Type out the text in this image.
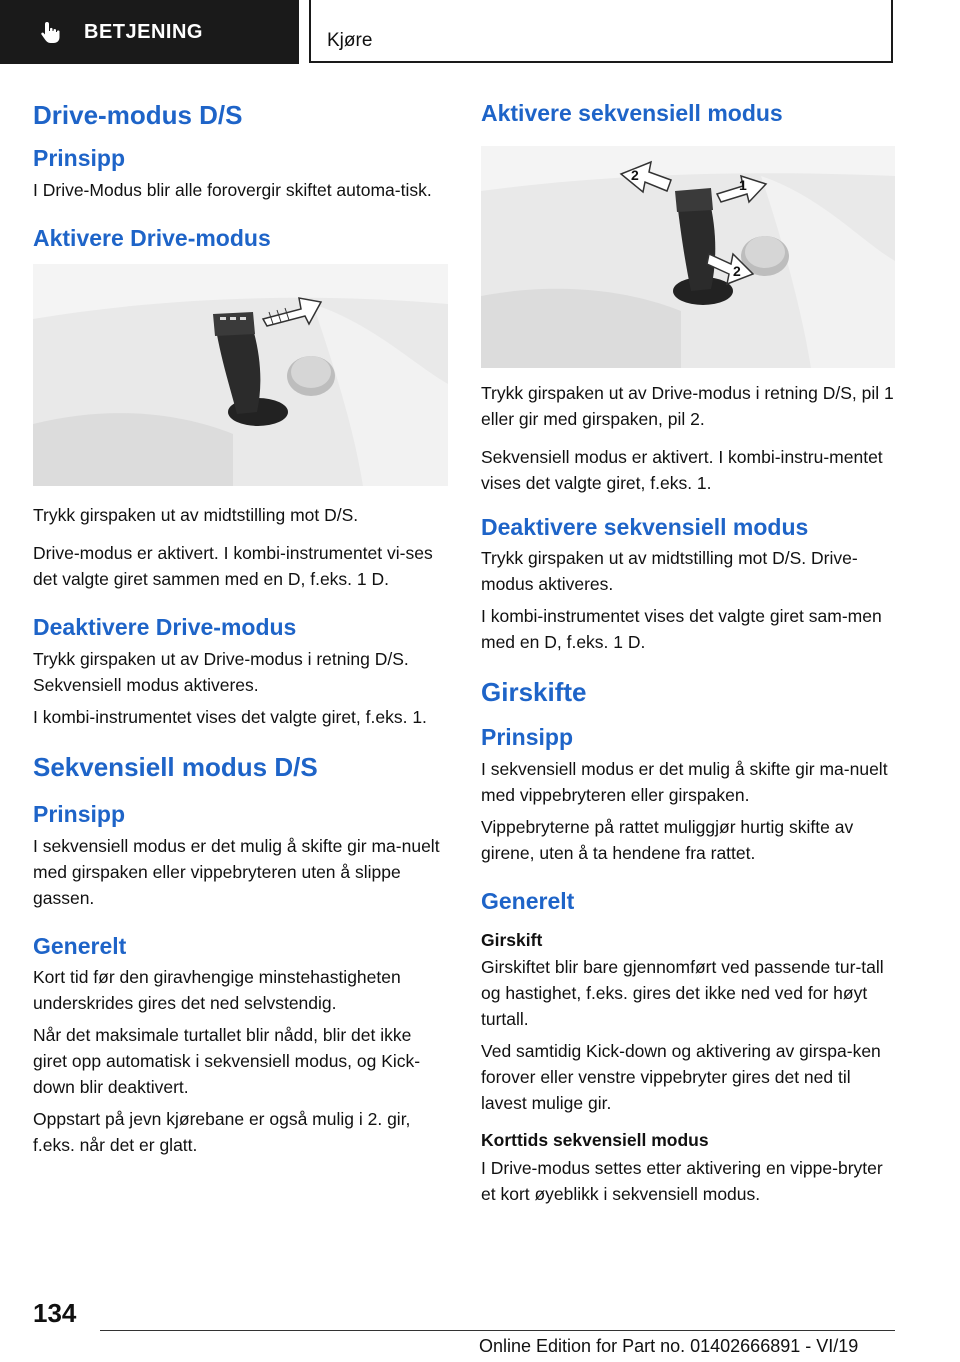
BETJENING	Kjøre
Drive-modus D/S
Prinsipp

I Drive-Modus blir alle forovergir skiftet automa-tisk.

Aktivere Drive-modus

Trykk girspaken ut av midtstilling mot D/S.

Drive-modus er aktivert. I kombi-instrumentet vi-ses det valgte giret sammen med en D, f.eks. 1 D.

Deaktivere Drive-modus

Trykk girspaken ut av Drive-modus i retning D/S. Sekvensiell modus aktiveres.

I kombi-instrumentet vises det valgte giret, f.eks. 1.

Sekvensiell modus D/S
Prinsipp

I sekvensiell modus er det mulig å skifte gir ma-nuelt med girspaken eller vippebryteren uten å slippe gassen.

Generelt

Kort tid før den giravhengige minstehastigheten underskrides gires det ned selvstendig.

Når det maksimale turtallet blir nådd, blir det ikke giret opp automatisk i sekvensiell modus, og Kick-down blir deaktivert.

Oppstart på jevn kjørebane er også mulig i 2. gir, f.eks. når det er glatt.

Aktivere sekvensiell modus
1
2
2

Trykk girspaken ut av Drive-modus i retning D/S, pil 1 eller gir med girspaken, pil 2.

Sekvensiell modus er aktivert. I kombi-instru-mentet vises det valgte giret, f.eks. 1.

Deaktivere sekvensiell modus

Trykk girspaken ut av midtstilling mot D/S. Drive-modus aktiveres.

I kombi-instrumentet vises det valgte giret sam-men med en D, f.eks. 1 D.

Girskifte
Prinsipp

I sekvensiell modus er det mulig å skifte gir ma-nuelt med vippebryteren eller girspaken.

Vippebryterne på rattet muliggjør hurtig skifte av girene, uten å ta hendene fra rattet.

Generelt
Girskift

Girskiftet blir bare gjennomført ved passende tur-tall og hastighet, f.eks. gires det ikke ned ved for høyt turtall.

Ved samtidig Kick-down og aktivering av girspa-ken forover eller venstre vippebryter gires det ned til lavest mulige gir.

Korttids sekvensiell modus

I Drive-modus settes etter aktivering en vippe-bryter et kort øyeblikk i sekvensiell modus.

134
Online Edition for Part no. 01402666891 - VI/19
